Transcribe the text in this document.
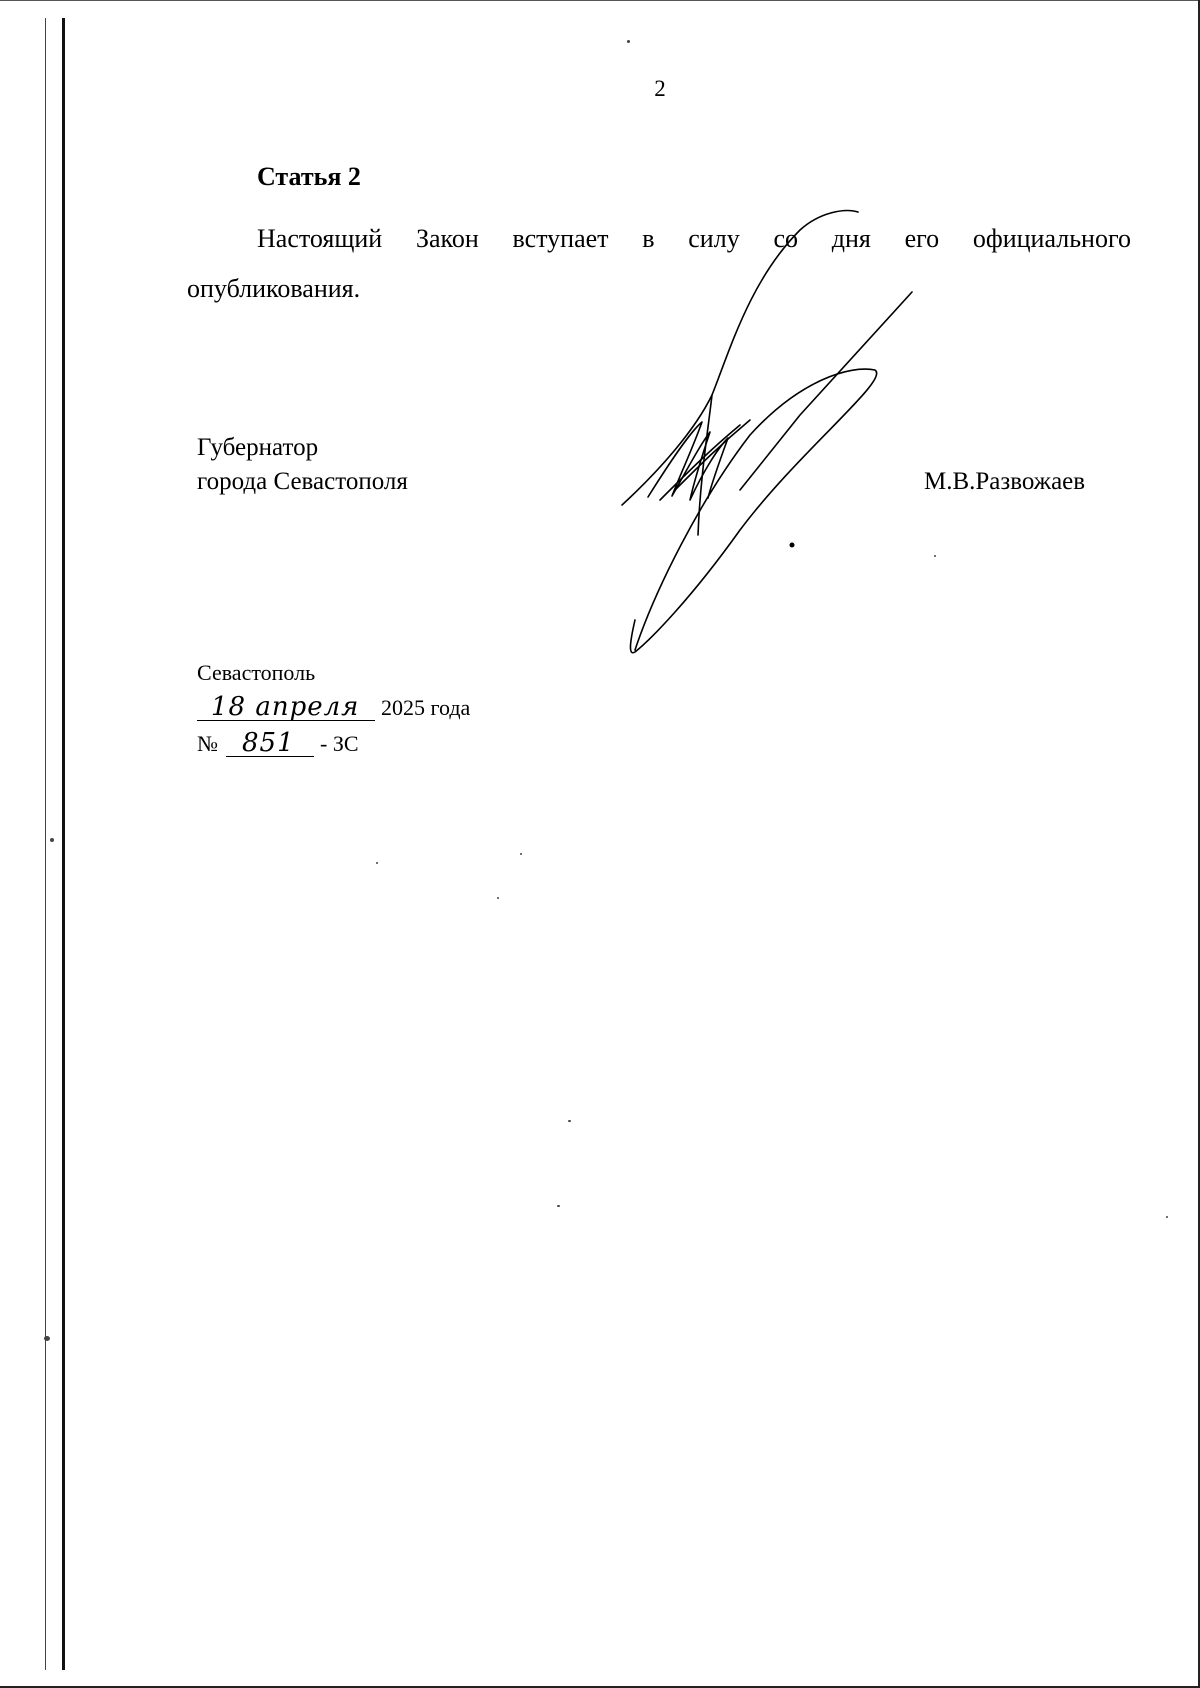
2
Статья 2
Настоящий Закон вступает в силу со дня его официального
опубликования.
Губернатор
города Севастополя	М.В.Развожаев
Севастополь
18 апреля 2025 года
№ 851 - ЗС
